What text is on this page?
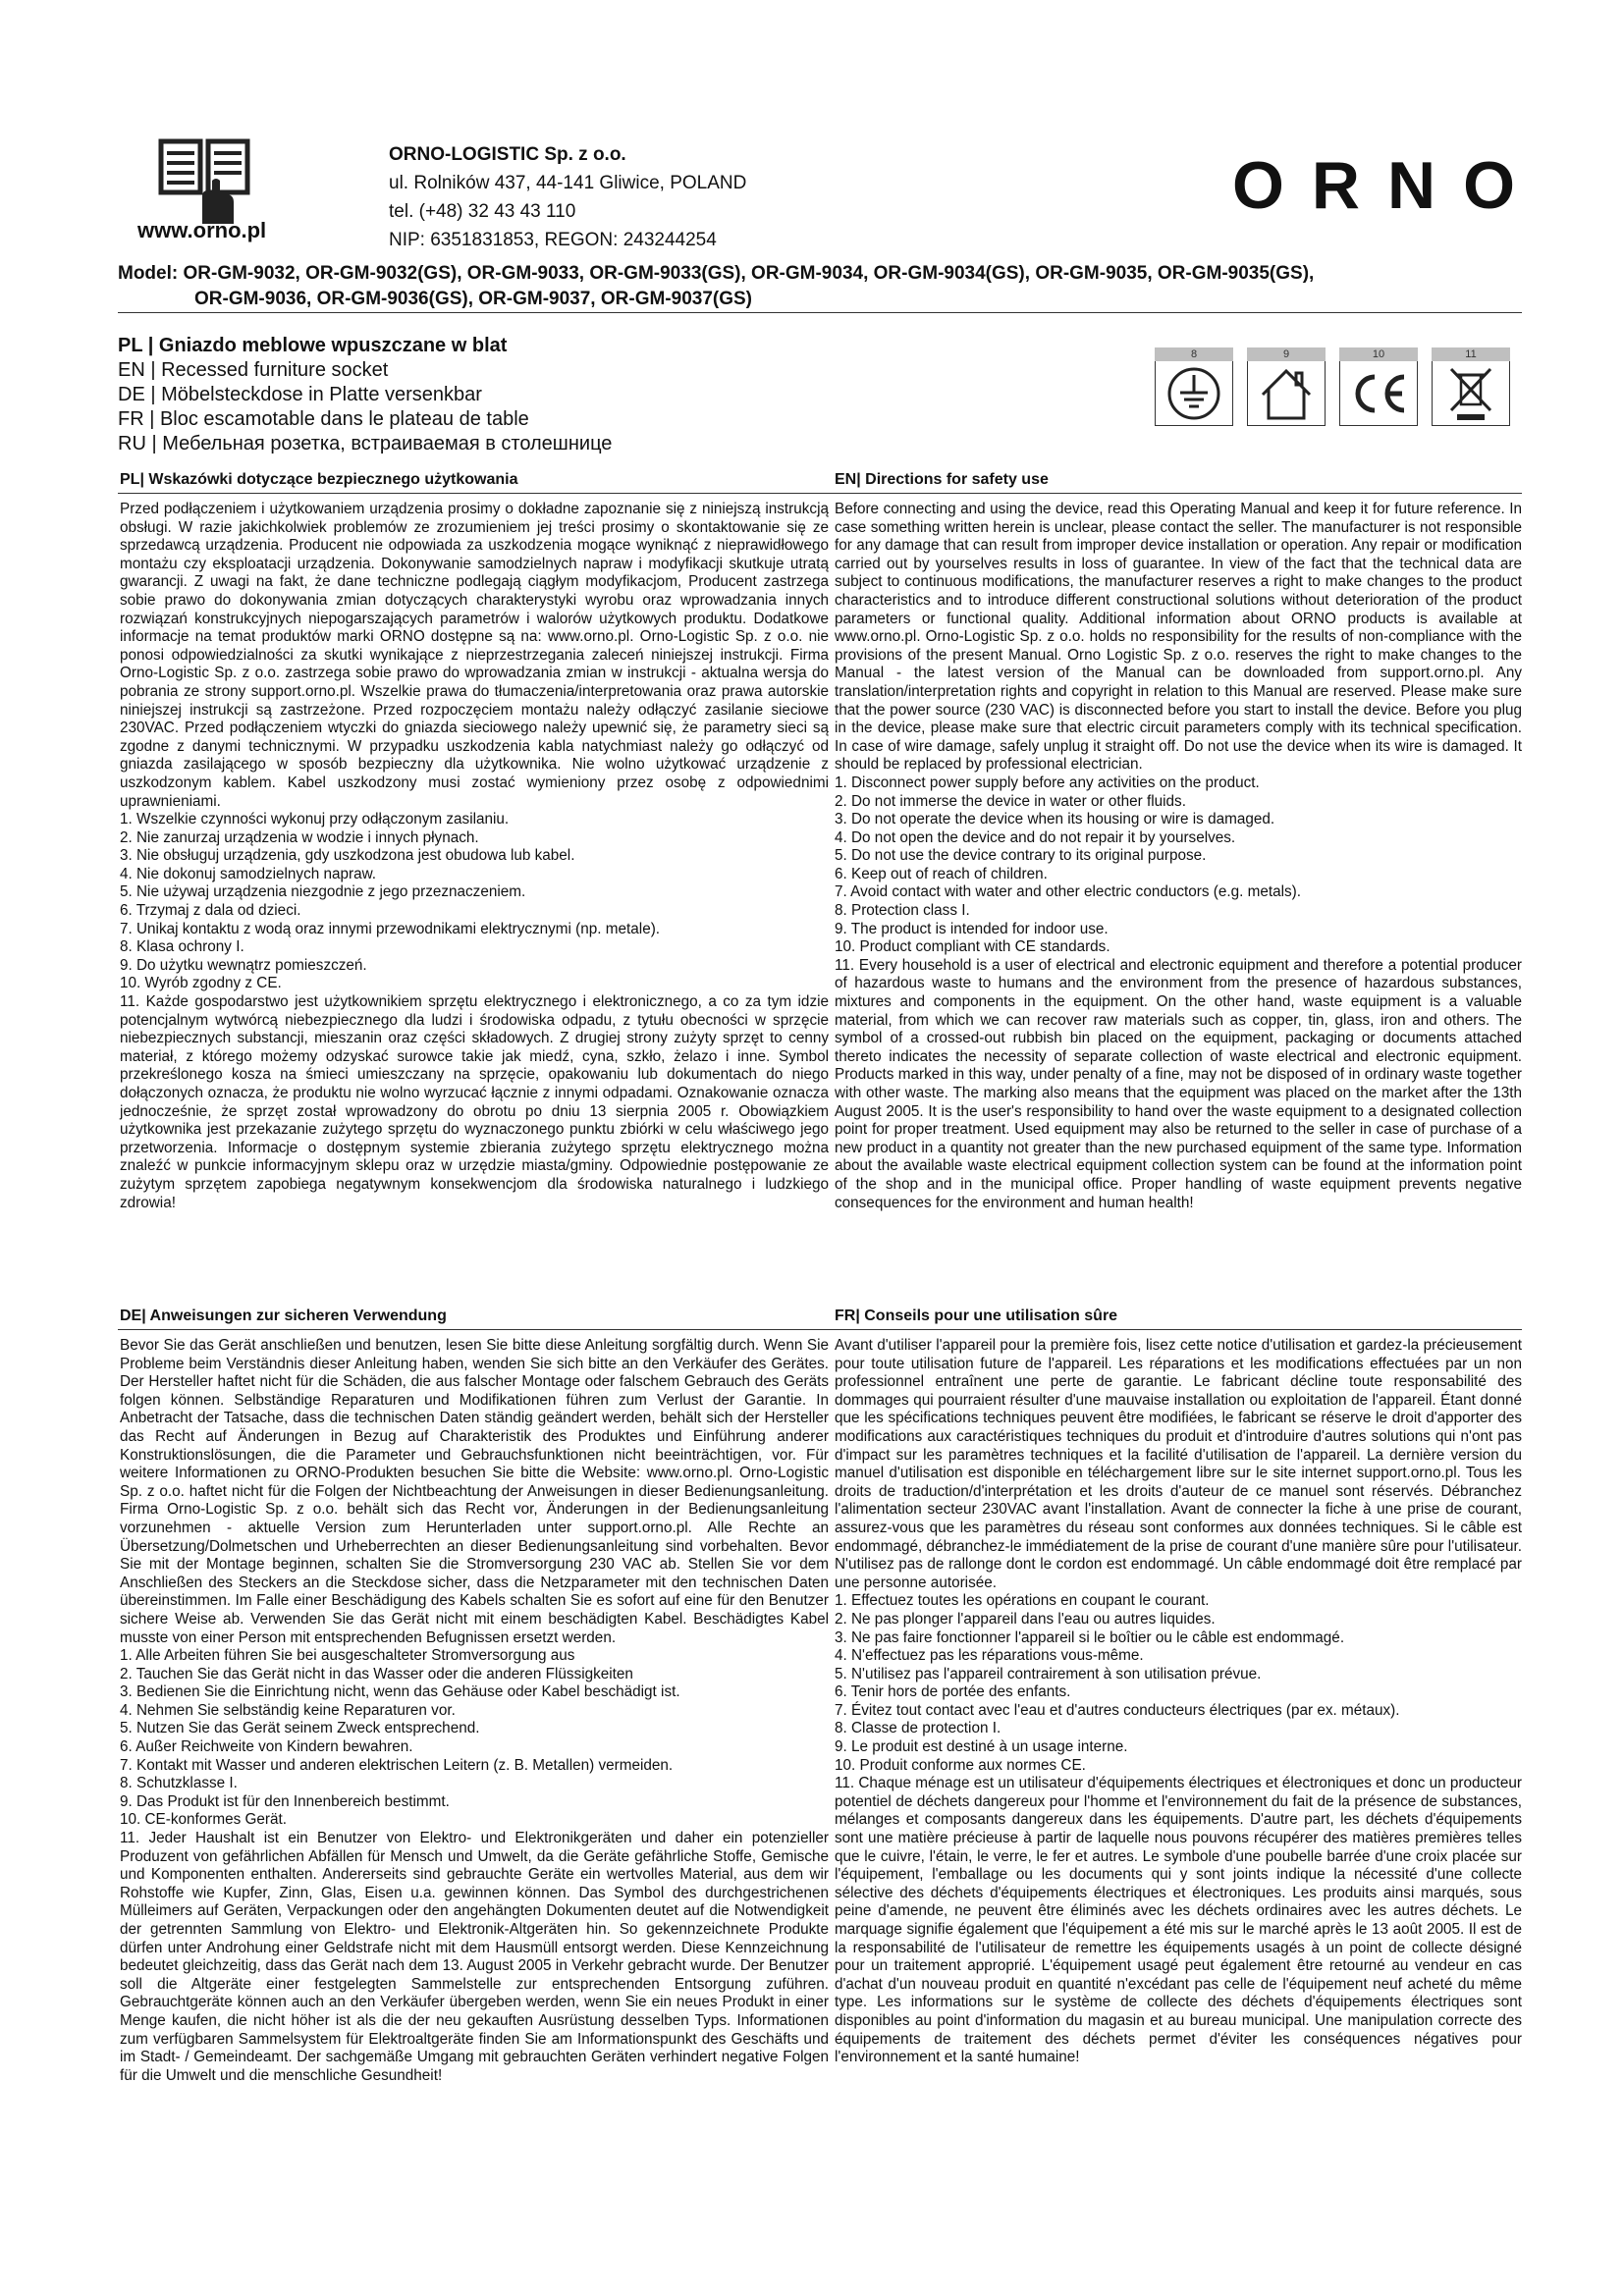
www.orno.pl
ORNO-LOGISTIC Sp. z o.o.
ul. Rolników 437, 44-141 Gliwice, POLAND
tel. (+48) 32 43 43 110
NIP: 6351831853, REGON: 243244254
ORNO
Model: OR-GM-9032, OR-GM-9032(GS), OR-GM-9033, OR-GM-9033(GS), OR-GM-9034, OR-GM-9034(GS), OR-GM-9035, OR-GM-9035(GS),
OR-GM-9036, OR-GM-9036(GS), OR-GM-9037, OR-GM-9037(GS)
PL | Gniazdo meblowe wpuszczane w blat
EN | Recessed furniture socket
DE | Möbelsteckdose in Platte versenkbar
FR | Bloc escamotable dans le plateau de table
RU | Мебельная розетка, встраиваемая в столешнице
8	9	10	11
PL| Wskazówki dotyczące bezpiecznego użytkowania	EN| Directions for safety use
DE| Anweisungen zur sicheren Verwendung	FR| Conseils pour une utilisation sûre

Przed podłączeniem i użytkowaniem urządzenia prosimy o dokładne zapoznanie się z niniejszą instrukcją obsługi. W razie jakichkolwiek problemów ze zrozumieniem jej treści prosimy o skontaktowanie się ze sprzedawcą urządzenia. Producent nie odpowiada za uszkodzenia mogące wyniknąć z nieprawidłowego montażu czy eksploatacji urządzenia. Dokonywanie samodzielnych napraw i modyfikacji skutkuje utratą gwarancji. Z uwagi na fakt, że dane techniczne podlegają ciągłym modyfikacjom, Producent zastrzega sobie prawo do dokonywania zmian dotyczących charakterystyki wyrobu oraz wprowadzania innych rozwiązań konstrukcyjnych niepogarszających parametrów i walorów użytkowych produktu. Dodatkowe informacje na temat produktów marki ORNO dostępne są na: www.orno.pl. Orno-Logistic Sp. z o.o. nie ponosi odpowiedzialności za skutki wynikające z nieprzestrzegania zaleceń niniejszej instrukcji. Firma Orno-Logistic Sp. z o.o. zastrzega sobie prawo do wprowadzania zmian w instrukcji - aktualna wersja do pobrania ze strony support.orno.pl. Wszelkie prawa do tłumaczenia/interpretowania oraz prawa autorskie niniejszej instrukcji są zastrzeżone. Przed rozpoczęciem montażu należy odłączyć zasilanie sieciowe 230VAC. Przed podłączeniem wtyczki do gniazda sieciowego należy upewnić się, że parametry sieci są zgodne z danymi technicznymi. W przypadku uszkodzenia kabla natychmiast należy go odłączyć od gniazda zasilającego w sposób bezpieczny dla użytkownika. Nie wolno użytkować urządzenie z uszkodzonym kablem. Kabel uszkodzony musi zostać wymieniony przez osobę z odpowiednimi uprawnieniami.

1. Wszelkie czynności wykonuj przy odłączonym zasilaniu.
2. Nie zanurzaj urządzenia w wodzie i innych płynach.
3. Nie obsługuj urządzenia, gdy uszkodzona jest obudowa lub kabel.
4. Nie dokonuj samodzielnych napraw.
5. Nie używaj urządzenia niezgodnie z jego przeznaczeniem.
6. Trzymaj z dala od dzieci.
7. Unikaj kontaktu z wodą oraz innymi przewodnikami elektrycznymi (np. metale).
8. Klasa ochrony I.
9. Do użytku wewnątrz pomieszczeń.
10. Wyrób zgodny z CE.
11. Każde gospodarstwo jest użytkownikiem sprzętu elektrycznego i elektronicznego, a co za tym idzie potencjalnym wytwórcą niebezpiecznego dla ludzi i środowiska odpadu, z tytułu obecności w sprzęcie niebezpiecznych substancji, mieszanin oraz części składowych. Z drugiej strony zużyty sprzęt to cenny materiał, z którego możemy odzyskać surowce takie jak miedź, cyna, szkło, żelazo i inne. Symbol przekreślonego kosza na śmieci umieszczany na sprzęcie, opakowaniu lub dokumentach do niego dołączonych oznacza, że produktu nie wolno wyrzucać łącznie z innymi odpadami. Oznakowanie oznacza jednocześnie, że sprzęt został wprowadzony do obrotu po dniu 13 sierpnia 2005 r. Obowiązkiem użytkownika jest przekazanie zużytego sprzętu do wyznaczonego punktu zbiórki w celu właściwego jego przetworzenia. Informacje o dostępnym systemie zbierania zużytego sprzętu elektrycznego można znaleźć w punkcie informacyjnym sklepu oraz w urzędzie miasta/gminy. Odpowiednie postępowanie ze zużytym sprzętem zapobiega negatywnym konsekwencjom dla środowiska naturalnego i ludzkiego zdrowia!

Before connecting and using the device, read this Operating Manual and keep it for future reference. In case something written herein is unclear, please contact the seller. The manufacturer is not responsible for any damage that can result from improper device installation or operation. Any repair or modification carried out by yourselves results in loss of guarantee. In view of the fact that the technical data are subject to continuous modifications, the manufacturer reserves a right to make changes to the product characteristics and to introduce different constructional solutions without deterioration of the product parameters or functional quality. Additional information about ORNO products is available at www.orno.pl. Orno-Logistic Sp. z o.o. holds no responsibility for the results of non-compliance with the provisions of the present Manual. Orno Logistic Sp. z o.o. reserves the right to make changes to the Manual - the latest version of the Manual can be downloaded from support.orno.pl. Any translation/interpretation rights and copyright in relation to this Manual are reserved. Please make sure that the power source (230 VAC) is disconnected before you start to install the device. Before you plug in the device, please make sure that electric circuit parameters comply with its technical specification. In case of wire damage, safely unplug it straight off. Do not use the device when its wire is damaged. It should be replaced by professional electrician.

1. Disconnect power supply before any activities on the product.
2. Do not immerse the device in water or other fluids.
3. Do not operate the device when its housing or wire is damaged.
4. Do not open the device and do not repair it by yourselves.
5. Do not use the device contrary to its original purpose.
6. Keep out of reach of children.
7. Avoid contact with water and other electric conductors (e.g. metals).
8. Protection class I.
9. The product is intended for indoor use.
10. Product compliant with CE standards.
11. Every household is a user of electrical and electronic equipment and therefore a potential producer of hazardous waste to humans and the environment from the presence of hazardous substances, mixtures and components in the equipment. On the other hand, waste equipment is a valuable material, from which we can recover raw materials such as copper, tin, glass, iron and others. The symbol of a crossed-out rubbish bin placed on the equipment, packaging or documents attached thereto indicates the necessity of separate collection of waste electrical and electronic equipment. Products marked in this way, under penalty of a fine, may not be disposed of in ordinary waste together with other waste. The marking also means that the equipment was placed on the market after the 13th August 2005. It is the user's responsibility to hand over the waste equipment to a designated collection point for proper treatment. Used equipment may also be returned to the seller in case of purchase of a new product in a quantity not greater than the new purchased equipment of the same type. Information about the available waste electrical equipment collection system can be found at the information point of the shop and in the municipal office. Proper handling of waste equipment prevents negative consequences for the environment and human health!

Bevor Sie das Gerät anschließen und benutzen, lesen Sie bitte diese Anleitung sorgfältig durch. Wenn Sie Probleme beim Verständnis dieser Anleitung haben, wenden Sie sich bitte an den Verkäufer des Gerätes. Der Hersteller haftet nicht für die Schäden, die aus falscher Montage oder falschem Gebrauch des Geräts folgen können. Selbständige Reparaturen und Modifikationen führen zum Verlust der Garantie. In Anbetracht der Tatsache, dass die technischen Daten ständig geändert werden, behält sich der Hersteller das Recht auf Änderungen in Bezug auf Charakteristik des Produktes und Einführung anderer Konstruktionslösungen, die die Parameter und Gebrauchsfunktionen nicht beeinträchtigen, vor. Für weitere Informationen zu ORNO-Produkten besuchen Sie bitte die Website: www.orno.pl. Orno-Logistic Sp. z o.o. haftet nicht für die Folgen der Nichtbeachtung der Anweisungen in dieser Bedienungsanleitung. Firma Orno-Logistic Sp. z o.o. behält sich das Recht vor, Änderungen in der Bedienungsanleitung vorzunehmen - aktuelle Version zum Herunterladen unter support.orno.pl. Alle Rechte an Übersetzung/Dolmetschen und Urheberrechten an dieser Bedienungsanleitung sind vorbehalten. Bevor Sie mit der Montage beginnen, schalten Sie die Stromversorgung 230 VAC ab. Stellen Sie vor dem Anschließen des Steckers an die Steckdose sicher, dass die Netzparameter mit den technischen Daten übereinstimmen. Im Falle einer Beschädigung des Kabels schalten Sie es sofort auf eine für den Benutzer sichere Weise ab. Verwenden Sie das Gerät nicht mit einem beschädigten Kabel. Beschädigtes Kabel musste von einer Person mit entsprechenden Befugnissen ersetzt werden.

1. Alle Arbeiten führen Sie bei ausgeschalteter Stromversorgung aus
2. Tauchen Sie das Gerät nicht in das Wasser oder die anderen Flüssigkeiten
3. Bedienen Sie die Einrichtung nicht, wenn das Gehäuse oder Kabel beschädigt ist.
4. Nehmen Sie selbständig keine Reparaturen vor.
5. Nutzen Sie das Gerät seinem Zweck entsprechend.
6. Außer Reichweite von Kindern bewahren.
7. Kontakt mit Wasser und anderen elektrischen Leitern (z. B. Metallen) vermeiden.
8. Schutzklasse I.
9. Das Produkt ist für den Innenbereich bestimmt.
10. CE-konformes Gerät.
11. Jeder Haushalt ist ein Benutzer von Elektro- und Elektronikgeräten und daher ein potenzieller Produzent von gefährlichen Abfällen für Mensch und Umwelt, da die Geräte gefährliche Stoffe, Gemische und Komponenten enthalten. Andererseits sind gebrauchte Geräte ein wertvolles Material, aus dem wir Rohstoffe wie Kupfer, Zinn, Glas, Eisen u.a. gewinnen können. Das Symbol des durchgestrichenen Mülleimers auf Geräten, Verpackungen oder den angehängten Dokumenten deutet auf die Notwendigkeit der getrennten Sammlung von Elektro- und Elektronik-Altgeräten hin. So gekennzeichnete Produkte dürfen unter Androhung einer Geldstrafe nicht mit dem Hausmüll entsorgt werden. Diese Kennzeichnung bedeutet gleichzeitig, dass das Gerät nach dem 13. August 2005 in Verkehr gebracht wurde. Der Benutzer soll die Altgeräte einer festgelegten Sammelstelle zur entsprechenden Entsorgung zuführen. Gebrauchtgeräte können auch an den Verkäufer übergeben werden, wenn Sie ein neues Produkt in einer Menge kaufen, die nicht höher ist als die der neu gekauften Ausrüstung desselben Typs. Informationen zum verfügbaren Sammelsystem für Elektroaltgeräte finden Sie am Informationspunkt des Geschäfts und im Stadt- / Gemeindeamt. Der sachgemäße Umgang mit gebrauchten Geräten verhindert negative Folgen für die Umwelt und die menschliche Gesundheit!

Avant d'utiliser l'appareil pour la première fois, lisez cette notice d'utilisation et gardez-la précieusement pour toute utilisation future de l'appareil. Les réparations et les modifications effectuées par un non professionnel entraînent une perte de garantie. Le fabricant décline toute responsabilité des dommages qui pourraient résulter d'une mauvaise installation ou exploitation de l'appareil. Étant donné que les spécifications techniques peuvent être modifiées, le fabricant se réserve le droit d'apporter des modifications aux caractéristiques techniques du produit et d'introduire d'autres solutions qui n'ont pas d'impact sur les paramètres techniques et la facilité d'utilisation de l'appareil. La dernière version du manuel d'utilisation est disponible en téléchargement libre sur le site internet support.orno.pl. Tous les droits de traduction/d'interprétation et les droits d'auteur de ce manuel sont réservés. Débranchez l'alimentation secteur 230VAC avant l'installation. Avant de connecter la fiche à une prise de courant, assurez-vous que les paramètres du réseau sont conformes aux données techniques. Si le câble est endommagé, débranchez-le immédiatement de la prise de courant d'une manière sûre pour l'utilisateur. N'utilisez pas de rallonge dont le cordon est endommagé. Un câble endommagé doit être remplacé par une personne autorisée.

1. Effectuez toutes les opérations en coupant le courant.
2. Ne pas plonger l'appareil dans l'eau ou autres liquides.
3. Ne pas faire fonctionner l'appareil si le boîtier ou le câble est endommagé.
4. N'effectuez pas les réparations vous-même.
5. N'utilisez pas l'appareil contrairement à son utilisation prévue.
6. Tenir hors de portée des enfants.
7. Évitez tout contact avec l'eau et d'autres conducteurs électriques (par ex. métaux).
8. Classe de protection I.
9. Le produit est destiné à un usage interne.
10. Produit conforme aux normes CE.
11. Chaque ménage est un utilisateur d'équipements électriques et électroniques et donc un producteur potentiel de déchets dangereux pour l'homme et l'environnement du fait de la présence de substances, mélanges et composants dangereux dans les équipements. D'autre part, les déchets d'équipements sont une matière précieuse à partir de laquelle nous pouvons récupérer des matières premières telles que le cuivre, l'étain, le verre, le fer et autres. Le symbole d'une poubelle barrée d'une croix placée sur l'équipement, l'emballage ou les documents qui y sont joints indique la nécessité d'une collecte sélective des déchets d'équipements électriques et électroniques. Les produits ainsi marqués, sous peine d'amende, ne peuvent être éliminés avec les déchets ordinaires avec les autres déchets. Le marquage signifie également que l'équipement a été mis sur le marché après le 13 août 2005. Il est de la responsabilité de l'utilisateur de remettre les équipements usagés à un point de collecte désigné pour un traitement approprié. L'équipement usagé peut également être retourné au vendeur en cas d'achat d'un nouveau produit en quantité n'excédant pas celle de l'équipement neuf acheté du même type. Les informations sur le système de collecte des déchets d'équipements électriques sont disponibles au point d'information du magasin et au bureau municipal. Une manipulation correcte des équipements de traitement des déchets permet d'éviter les conséquences négatives pour l'environnement et la santé humaine!
